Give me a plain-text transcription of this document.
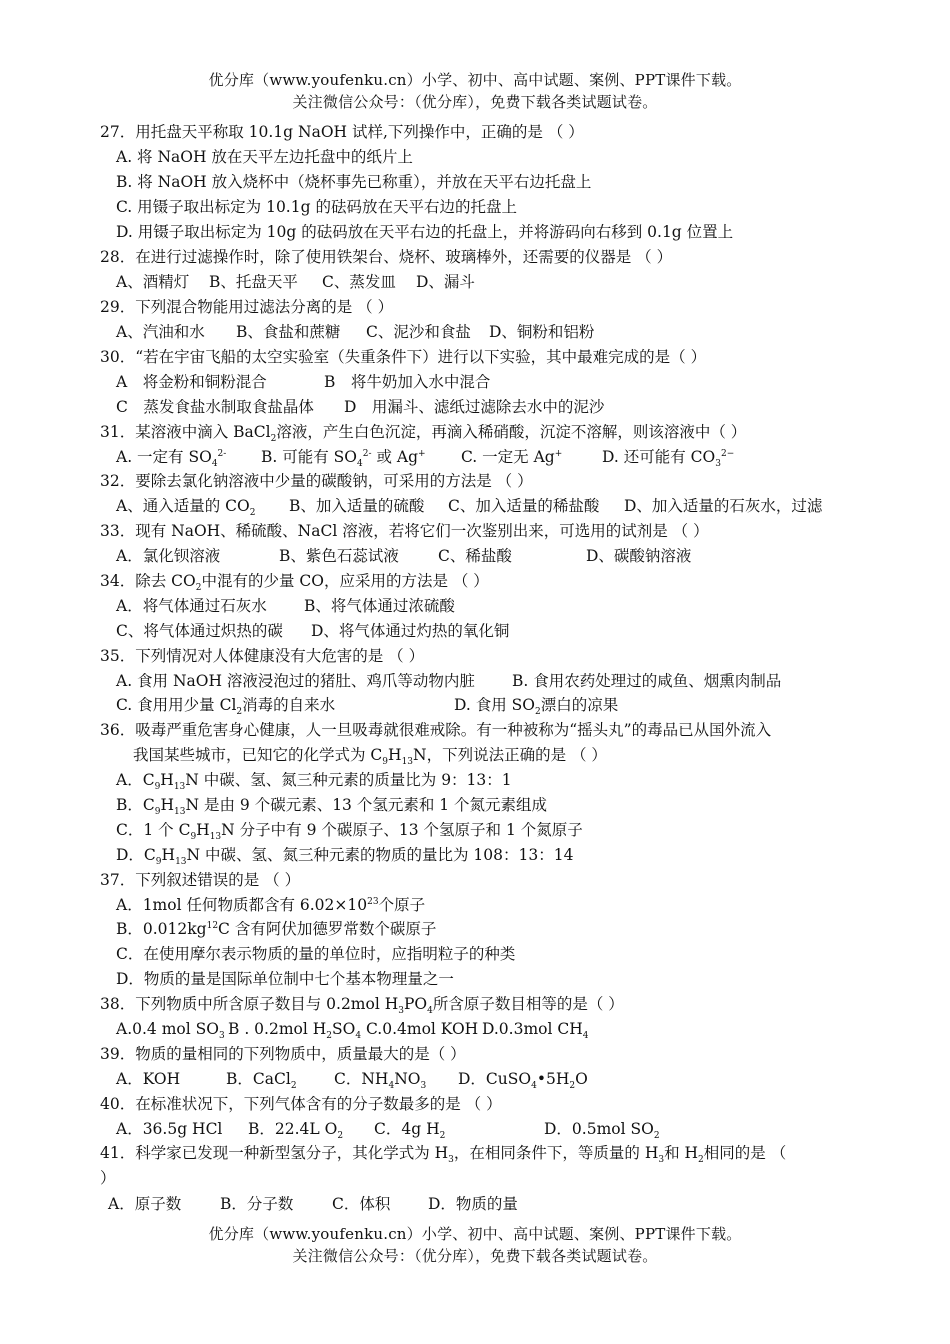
优分库（www.youfenku.cn）小学、初中、高中试题、案例、PPT课件下载。
关注微信公众号：（优分库），免费下载各类试题试卷。
27．用托盘天平称取 10.1g NaOH 试样,下列操作中，正确的是 （ ）
A. 将 NaOH 放在天平左边托盘中的纸片上
B. 将 NaOH 放入烧杯中（烧杯事先已称重），并放在天平右边托盘上
C. 用镊子取出标定为 10.1g 的砝码放在天平右边的托盘上
D. 用镊子取出标定为 10g 的砝码放在天平右边的托盘上，并将游码向右移到 0.1g 位置上
28．在进行过滤操作时，除了使用铁架台、烧杯、玻璃棒外，还需要的仪器是 （ ）
A、酒精灯 B、托盘天平 C、蒸发皿 D、漏斗
29．下列混合物能用过滤法分离的是 （ ）
A、汽油和水 B、食盐和蔗糖 C、泥沙和食盐 D、铜粉和铝粉
30．“若在宇宙飞船的太空实验室（失重条件下）进行以下实验，其中最难完成的是（ ）
A　将金粉和铜粉混合	B　将牛奶加入水中混合
C　蒸发食盐水制取食盐晶体 D　用漏斗、滤纸过滤除去水中的泥沙
31．某溶液中滴入 BaCl$_2$溶液，产生白色沉淀，再滴入稀硝酸，沉淀不溶解，则该溶液中（ ）
A. 一定有 $SO_4^{2-}$ B. 可能有 $SO_4^{2-}$ 或 Ag+ C. 一定无 Ag+	D. 还可能有 $CO_3^{2-}$
32．要除去氯化钠溶液中少量的碳酸钠，可采用的方法是 （ ）
A、通入适量的 $CO_2$ B、加入适量的硫酸 C、加入适量的稀盐酸 D、加入适量的石灰水，过滤
33．现有 NaOH、稀硫酸、NaCl 溶液，若将它们一次鉴别出来，可选用的试剂是 （ ）
A．氯化钡溶液	B、紫色石蕊试液	C、稀盐酸	D、碳酸钠溶液
34．除去 $CO_2$中混有的少量 CO，应采用的方法是 （ ）
A．将气体通过石灰水 B、将气体通过浓硫酸
C、将气体通过炽热的碳 D、将气体通过灼热的氧化铜
35．下列情况对人体健康没有大危害的是 （ ）
A. 食用 NaOH 溶液浸泡过的猪肚、鸡爪等动物内脏 B. 食用农药处理过的咸鱼、烟熏肉制品
C. 食用用少量 $Cl_2$消毒的自来水	D. 食用 $SO_2$漂白的凉果
36．吸毒严重危害身心健康，人一旦吸毒就很难戒除。有一种被称为“摇头丸”的毒品已从国外流入
我国某些城市，已知它的化学式为 $C_9H_{13}N$，下列说法正确的是 （ ）
A．$C_9H_{13}N$ 中碳、氢、氮三种元素的质量比为 9：13：1
B．$C_9H_{13}N$ 是由 9 个碳元素、13 个氢元素和 1 个氮元素组成
C．1 个 $C_9H_{13}N$ 分子中有 9 个碳原子、13 个氢原子和 1 个氮原子
D．$C_9H_{13}N$ 中碳、氢、氮三种元素的物质的量比为 108：13：14
37．下列叙述错误的是 （ ）
A．1mol 任何物质都含有 $6.02\times 10^{23}$个原子
B．$0.012kg^{12}C$ 含有阿伏加德罗常数个碳原子
C．在使用摩尔表示物质的量的单位时，应指明粒子的种类
D．物质的量是国际单位制中七个基本物理量之一
38．下列物质中所含原子数目与 0.2mol $H_3PO_4$所含原子数目相等的是（ ）
A.0.4 mol $SO_3$ B . 0.2mol $H_2SO_4$ C.0.4mol KOH D.0.3mol $CH_4$
39．物质的量相同的下列物质中，质量最大的是（ ）
A．KOH	B．CaCl$_2$ C．$NH_4NO_3$ D．$CuSO_4•5H_2O$
40．在标准状况下，下列气体含有的分子数最多的是 （ ）
A．36.5g HCl B．22.4L $O_2$ C．4g $H_2$	D．0.5mol $SO_2$
41．科学家已发现一种新型氢分子，其化学式为 $H_3$，在相同条件下，等质量的 $H_3$和 $H_2$相同的是 （
）
A．原子数	B．分子数 C．体积 D．物质的量
优分库（www.youfenku.cn）小学、初中、高中试题、案例、PPT课件下载。
关注微信公众号：（优分库），免费下载各类试题试卷。
